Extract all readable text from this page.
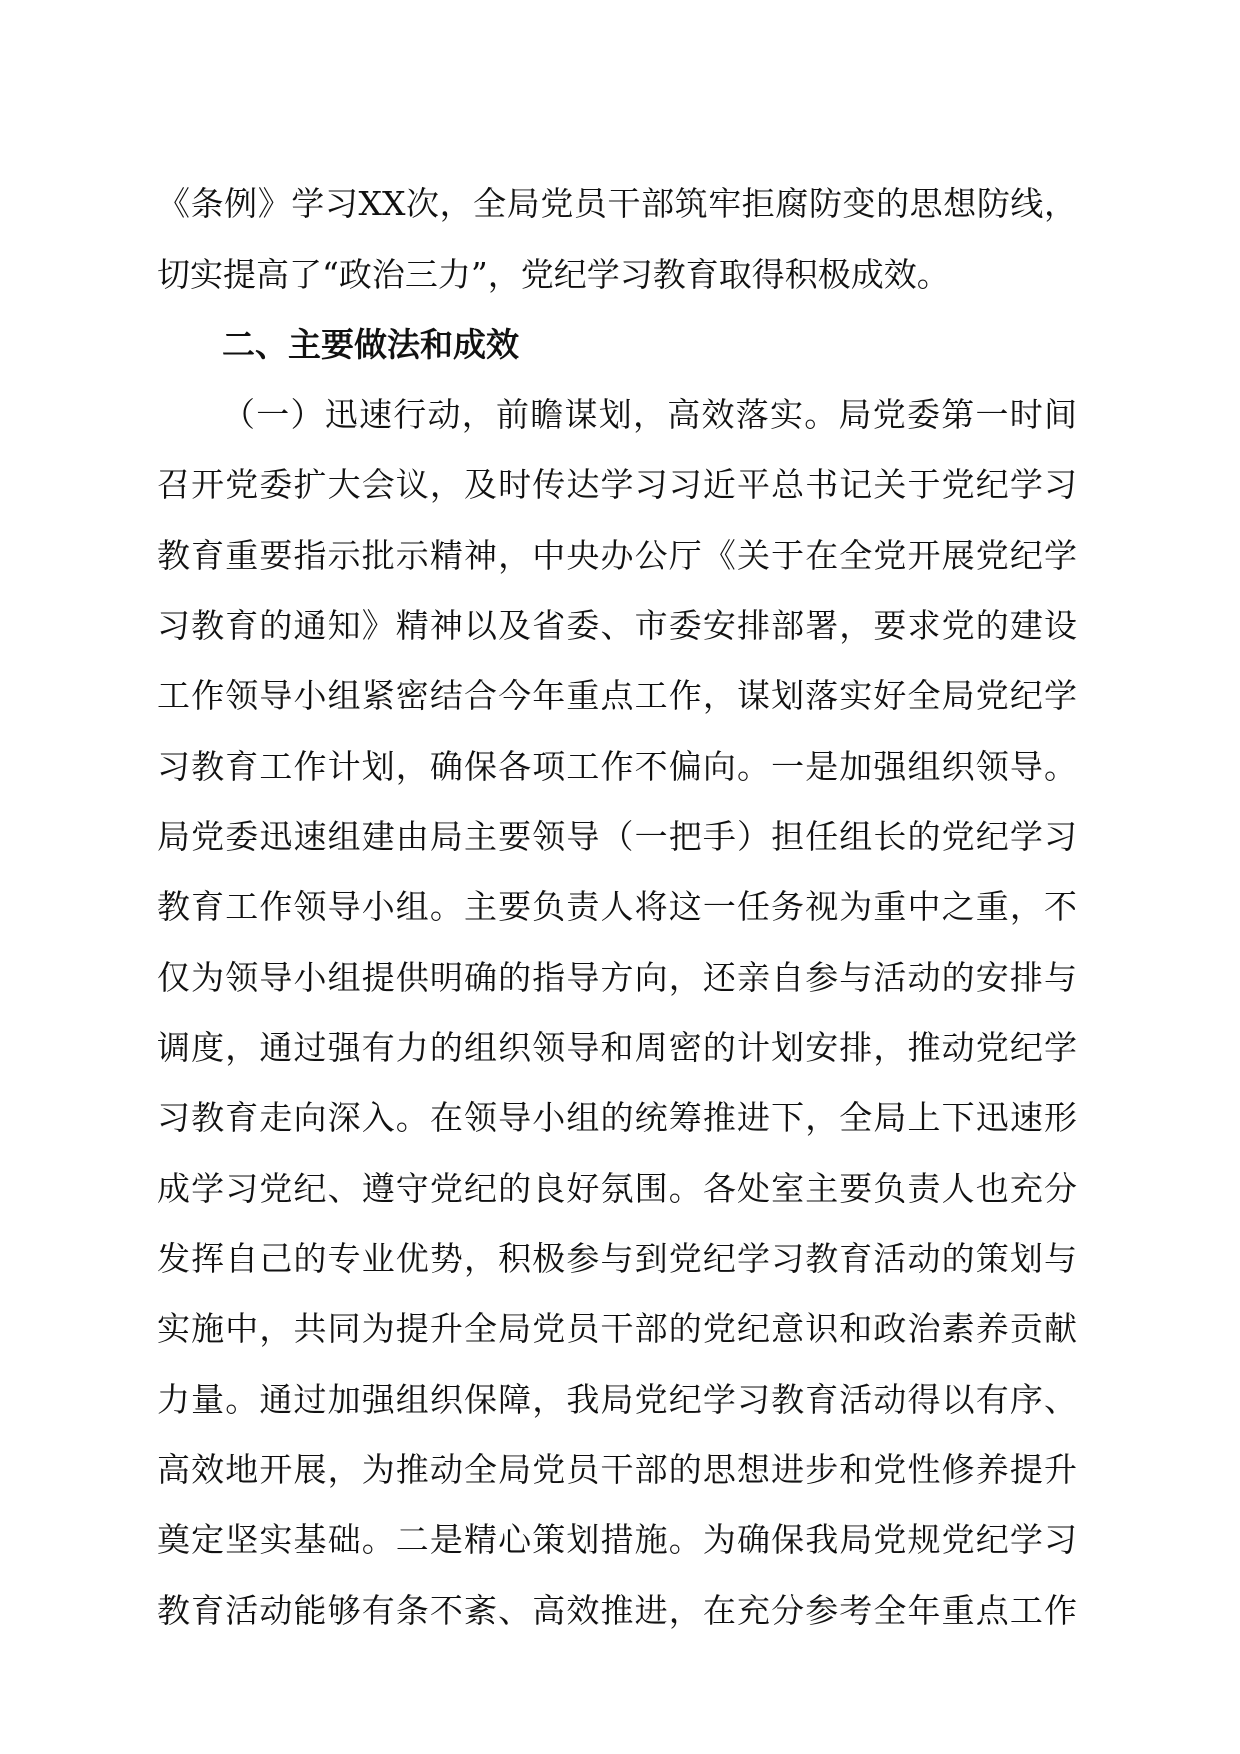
《条例》学习XX次，全局党员干部筑牢拒腐防变的思想防线，
切实提高了“政治三力”，党纪学习教育取得积极成效。
二、主要做法和成效
（一）迅速行动，前瞻谋划，高效落实。局党委第一时间
召开党委扩大会议，及时传达学习习近平总书记关于党纪学习
教育重要指示批示精神，中央办公厅《关于在全党开展党纪学
习教育的通知》精神以及省委、市委安排部署，要求党的建设
工作领导小组紧密结合今年重点工作，谋划落实好全局党纪学
习教育工作计划，确保各项工作不偏向。一是加强组织领导。
局党委迅速组建由局主要领导（一把手）担任组长的党纪学习
教育工作领导小组。主要负责人将这一任务视为重中之重，不
仅为领导小组提供明确的指导方向，还亲自参与活动的安排与
调度，通过强有力的组织领导和周密的计划安排，推动党纪学
习教育走向深入。在领导小组的统筹推进下，全局上下迅速形
成学习党纪、遵守党纪的良好氛围。各处室主要负责人也充分
发挥自己的专业优势，积极参与到党纪学习教育活动的策划与
实施中，共同为提升全局党员干部的党纪意识和政治素养贡献
力量。通过加强组织保障，我局党纪学习教育活动得以有序、
高效地开展，为推动全局党员干部的思想进步和党性修养提升
奠定坚实基础。二是精心策划措施。为确保我局党规党纪学习
教育活动能够有条不紊、高效推进，在充分参考全年重点工作
